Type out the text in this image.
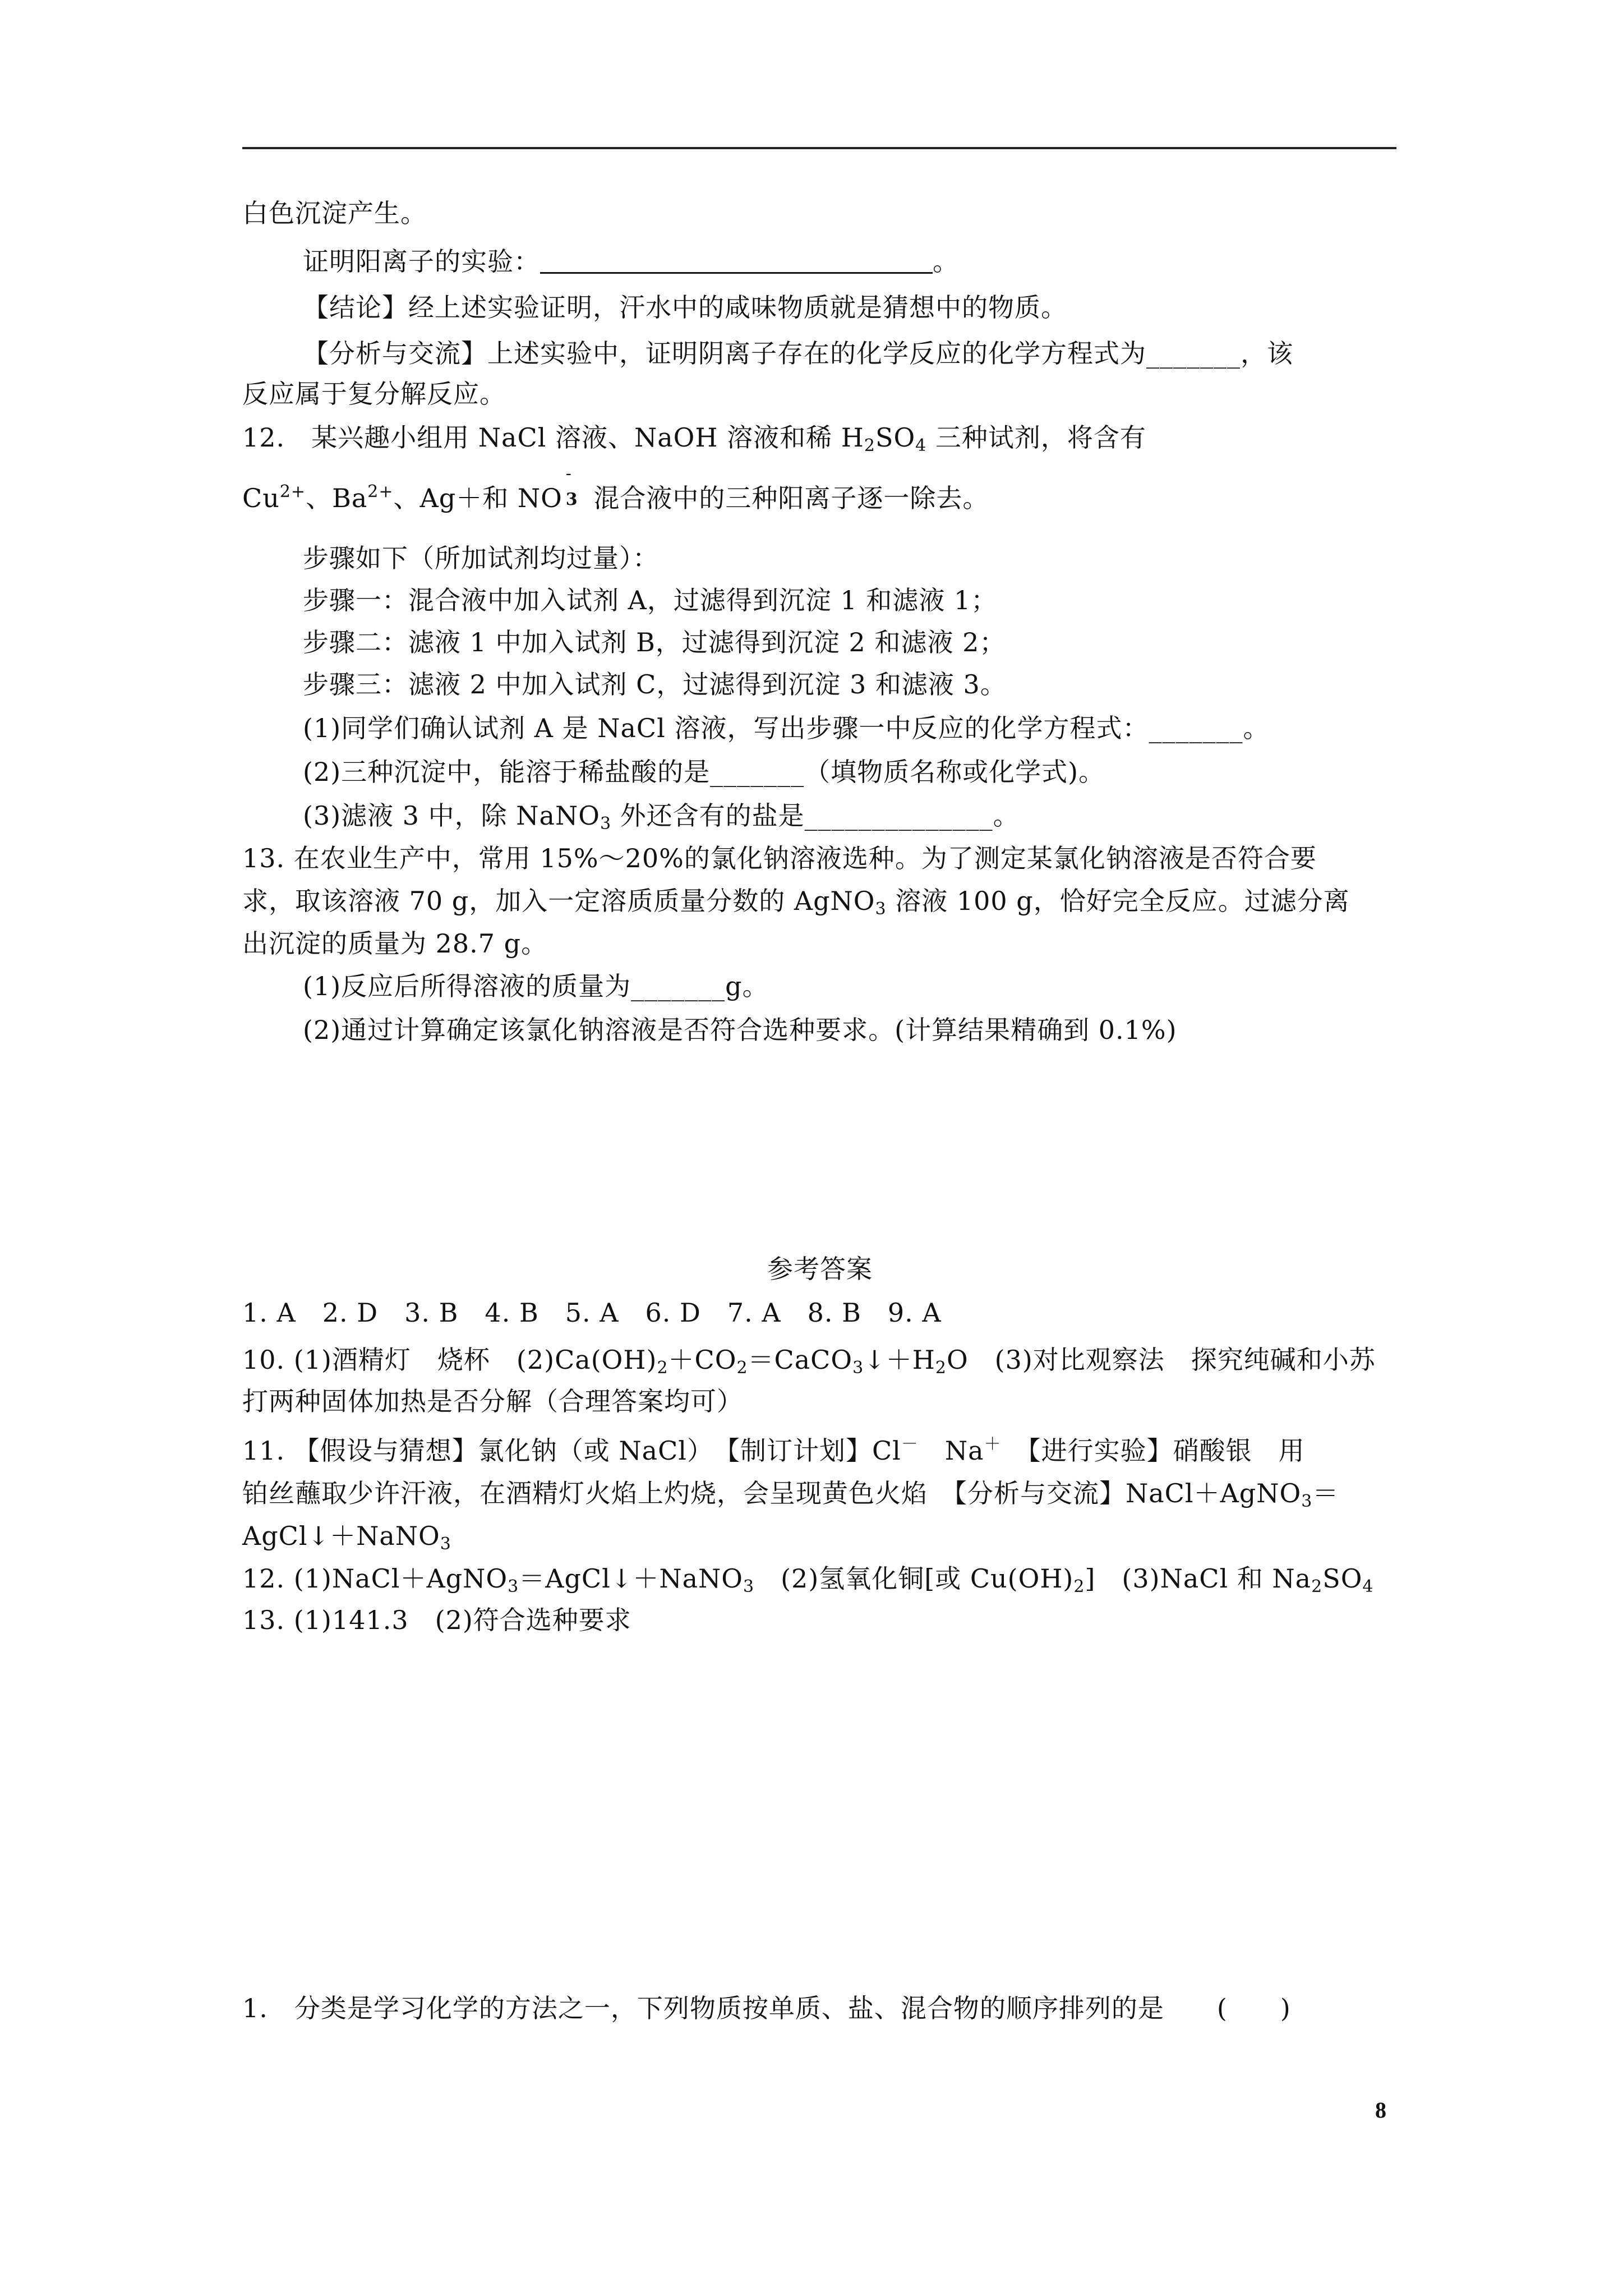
白色沉淀产生。
证明阳离子的实验：	。
【结论】经上述实验证明，汗水中的咸味物质就是猜想中的物质。
【分析与交流】上述实验中，证明阴离子存在的化学反应的化学方程式为_______，该
反应属于复分解反应。
12.　某兴趣小组用 NaCl 溶液、NaOH 溶液和稀 $H_2SO_4$ 三种试剂，将含有
$Cu^{2+}$、$Ba^{2+}$、Ag＋和 NO
-
3 混合液中的三种阳离子逐一除去。
步骤如下（所加试剂均过量）：
步骤一：混合液中加入试剂 A，过滤得到沉淀 1 和滤液 1；
步骤二：滤液 1 中加入试剂 B，过滤得到沉淀 2 和滤液 2；
步骤三：滤液 2 中加入试剂 C，过滤得到沉淀 3 和滤液 3。
(1)同学们确认试剂 A 是 NaCl 溶液，写出步骤一中反应的化学方程式：_______。
(2)三种沉淀中，能溶于稀盐酸的是_______（填物质名称或化学式)。
(3)滤液 3 中，除 NaNO$_3$ 外还含有的盐是______________。
13. 在农业生产中，常用 15%～20%的氯化钠溶液选种。为了测定某氯化钠溶液是否符合要
求，取该溶液 70 g，加入一定溶质质量分数的 AgNO$_3$ 溶液 100 g，恰好完全反应。过滤分离
出沉淀的质量为 28.7 g。
(1)反应后所得溶液的质量为_______g。
(2)通过计算确定该氯化钠溶液是否符合选种要求。(计算结果精确到 0.1%)
参考答案
1. A　2. D　3. B　4. B　5. A　6. D　7. A　8. B　9. A
10. (1)酒精灯　烧杯　$(2)Ca(OH)_2+CO_2=CaCO_3↓+H_2O$　(3)对比观察法　探究纯碱和小苏
打两种固体加热是否分解（合理答案均可）
11. 【假设与猜想】氯化钠（或 NaCl）　【制订计划】Cl－　Na＋　【进行实验】硝酸银　用
铂丝蘸取少许汗液，在酒精灯火焰上灼烧，会呈现黄色火焰　【分析与交流】NaCl＋AgNO$_3$＝
AgCl↓＋NaNO$_3$
12. (1)NaCl＋AgNO$_3$＝AgCl↓＋NaNO$_3$　(2)氢氧化铜[或 $Cu(OH)_2$]　(3)NaCl 和 $Na_2SO_4$
13. (1)141.3　(2)符合选种要求
1.　分类是学习化学的方法之一，下列物质按单质、盐、混合物的顺序排列的是　　(　　)
8
